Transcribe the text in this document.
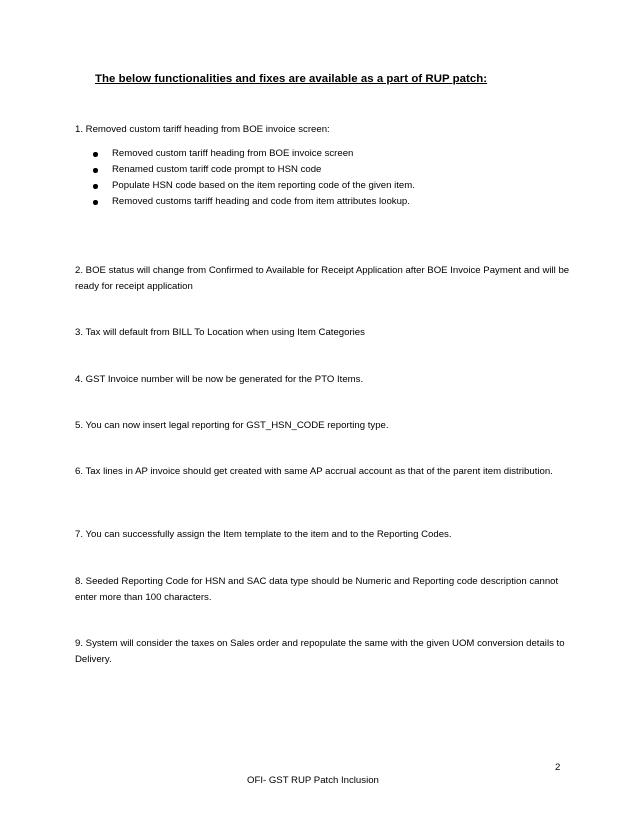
The below functionalities and fixes are available as a part of RUP patch:

1. Removed custom tariff heading from BOE invoice screen:

Removed custom tariff heading from BOE invoice screen
Renamed custom tariff code prompt to HSN code
Populate HSN code based on the item reporting code of the given item.
Removed customs tariff heading and code from item attributes lookup.

2. BOE status will change from Confirmed to Available for Receipt Application after BOE Invoice Payment and will be ready for receipt application

3. Tax will default from BILL To Location when using Item Categories

4. GST Invoice number will be now be generated for the PTO Items.

5. You can now insert legal reporting for GST_HSN_CODE reporting type.

6. Tax lines in AP invoice should get created with same AP accrual account as that of the parent item distribution.

7. You can successfully assign the Item template to the item and to the Reporting Codes.

8. Seeded Reporting Code for HSN and SAC data type should be Numeric and Reporting code description cannot enter more than 100 characters.

9. System will consider the taxes on Sales order and repopulate the same with the given UOM conversion details to Delivery.

2
OFI- GST RUP Patch Inclusion
